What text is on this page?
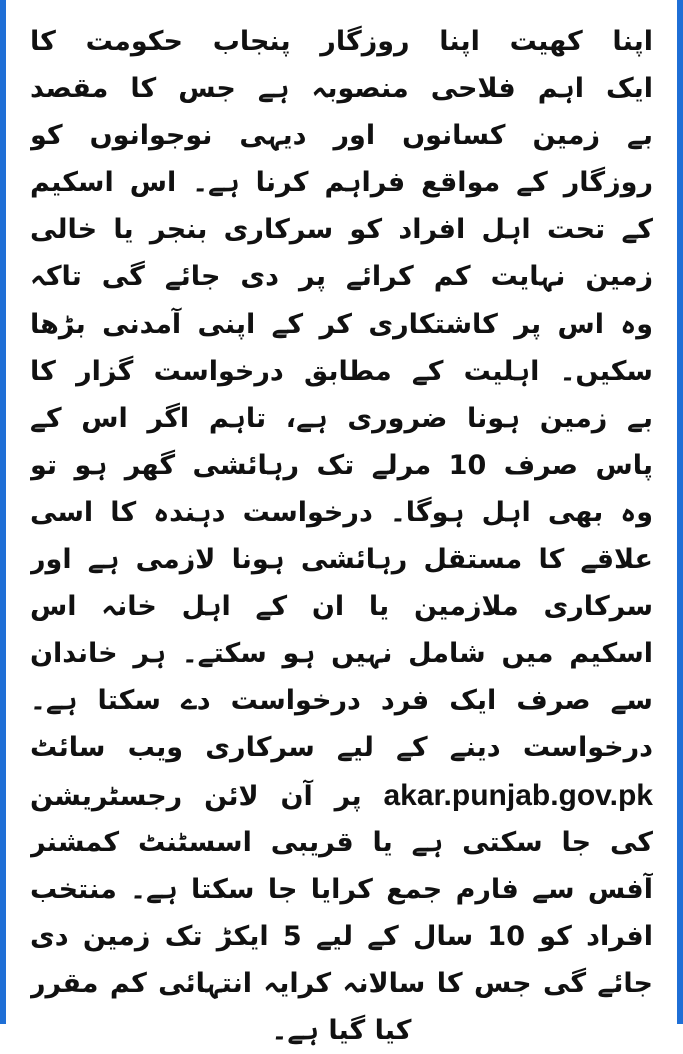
اپنا کھیت اپنا روزگار پنجاب حکومت کا
ایک اہم فلاحی منصوبہ ہے جس کا مقصد
بے زمین کسانوں اور دیہی نوجوانوں کو
روزگار کے مواقع فراہم کرنا ہے۔ اس اسکیم
کے تحت اہل افراد کو سرکاری بنجر یا خالی
زمین نہایت کم کرائے پر دی جائے گی تاکہ
وہ اس پر کاشتکاری کر کے اپنی آمدنی بڑھا
سکیں۔ اہلیت کے مطابق درخواست گزار کا
بے زمین ہونا ضروری ہے، تاہم اگر اس کے
پاس صرف 10 مرلے تک رہائشی گھر ہو تو
وہ بھی اہل ہوگا۔ درخواست دہندہ کا اسی
علاقے کا مستقل رہائشی ہونا لازمی ہے اور
سرکاری ملازمین یا ان کے اہل خانہ اس
اسکیم میں شامل نہیں ہو سکتے۔ ہر خاندان
سے صرف ایک فرد درخواست دے سکتا ہے۔
درخواست دینے کے لیے سرکاری ویب سائٹ
akar.punjab.gov.pk پر آن لائن رجسٹریشن
کی جا سکتی ہے یا قریبی اسسٹنٹ کمشنر
آفس سے فارم جمع کرایا جا سکتا ہے۔ منتخب
افراد کو 10 سال کے لیے 5 ایکڑ تک زمین دی
جائے گی جس کا سالانہ کرایہ انتہائی کم مقرر
کیا گیا ہے۔
